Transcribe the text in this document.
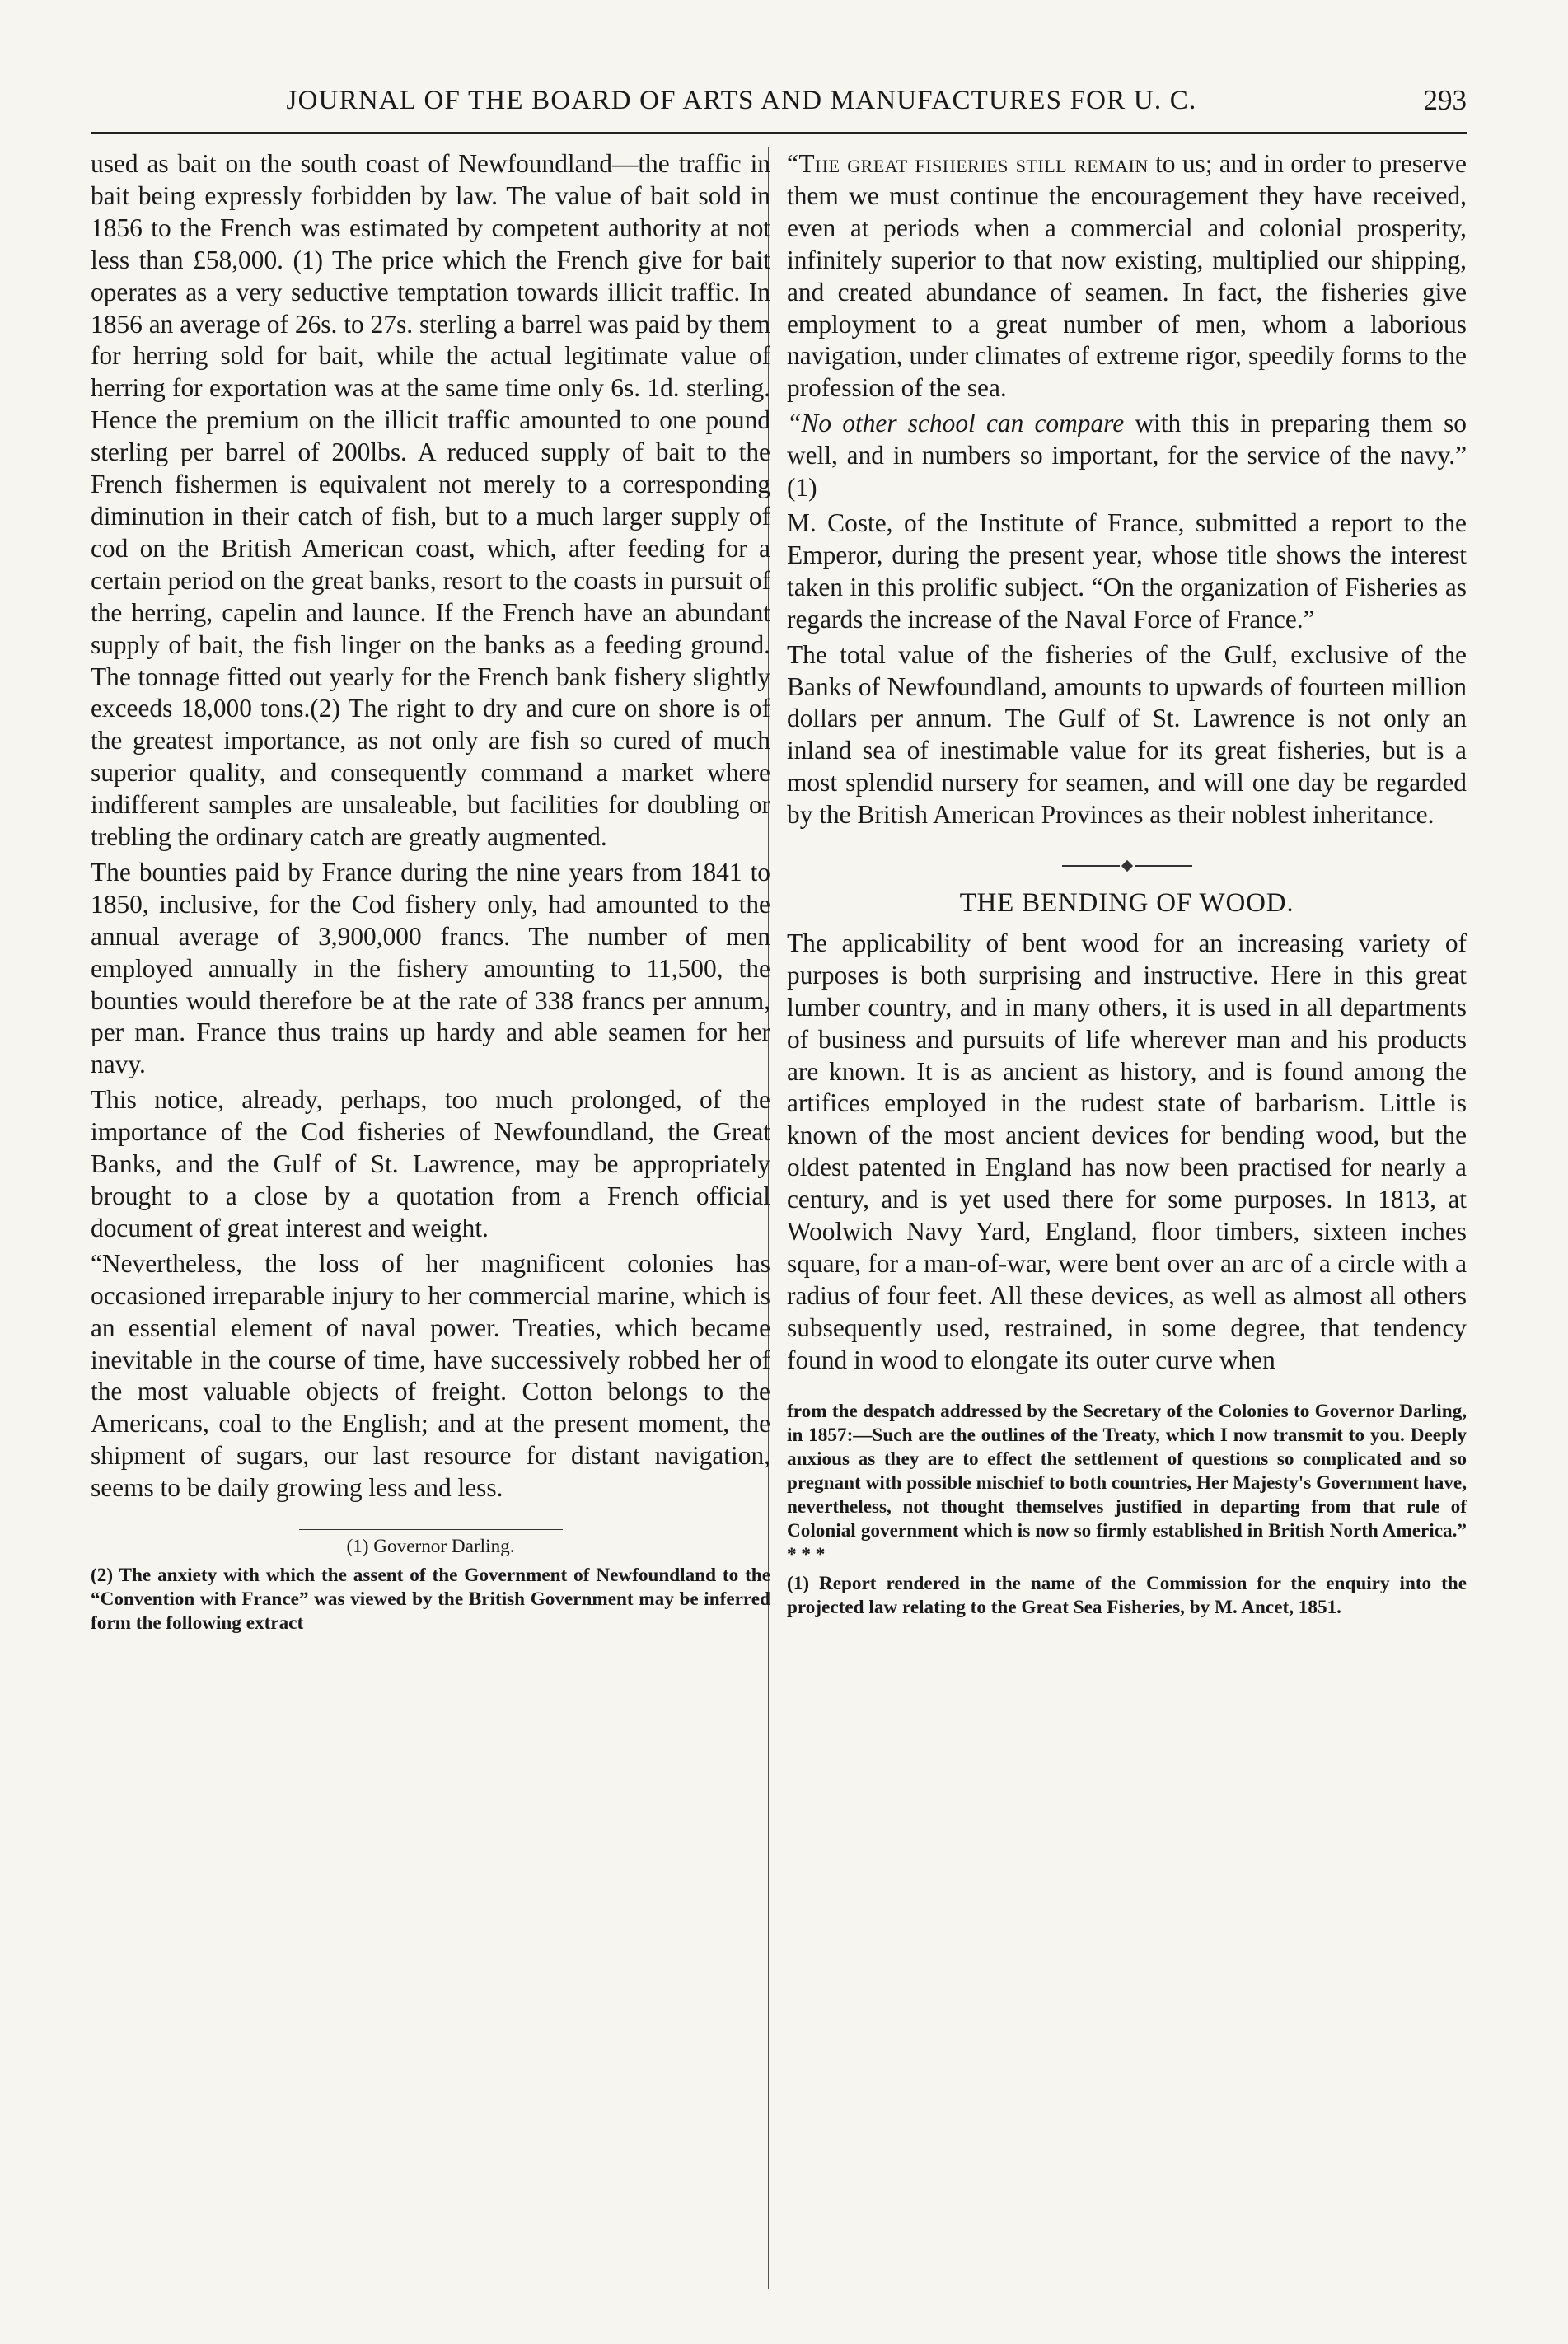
JOURNAL OF THE BOARD OF ARTS AND MANUFACTURES FOR U. C.	293

used as bait on the south coast of Newfoundland—the traffic in bait being expressly forbidden by law. The value of bait sold in 1856 to the French was estimated by competent authority at not less than £58,000. (1) The price which the French give for bait operates as a very seductive temptation towards illicit traffic. In 1856 an average of 26s. to 27s. sterling a barrel was paid by them for herring sold for bait, while the actual legitimate value of herring for exportation was at the same time only 6s. 1d. sterling. Hence the premium on the illicit traffic amounted to one pound sterling per barrel of 200lbs. A reduced supply of bait to the French fishermen is equivalent not merely to a corresponding diminution in their catch of fish, but to a much larger supply of cod on the British American coast, which, after feeding for a certain period on the great banks, resort to the coasts in pursuit of the herring, capelin and launce. If the French have an abundant supply of bait, the fish linger on the banks as a feeding ground. The tonnage fitted out yearly for the French bank fishery slightly exceeds 18,000 tons.(2) The right to dry and cure on shore is of the greatest importance, as not only are fish so cured of much superior quality, and consequently command a market where indifferent samples are unsaleable, but facilities for doubling or trebling the ordinary catch are greatly augmented.

The bounties paid by France during the nine years from 1841 to 1850, inclusive, for the Cod fishery only, had amounted to the annual average of 3,900,000 francs. The number of men employed annually in the fishery amounting to 11,500, the bounties would therefore be at the rate of 338 francs per annum, per man. France thus trains up hardy and able seamen for her navy.

This notice, already, perhaps, too much prolonged, of the importance of the Cod fisheries of Newfoundland, the Great Banks, and the Gulf of St. Lawrence, may be appropriately brought to a close by a quotation from a French official document of great interest and weight.

“Nevertheless, the loss of her magnificent colonies has occasioned irreparable injury to her commercial marine, which is an essential element of naval power. Treaties, which became inevitable in the course of time, have successively robbed her of the most valuable objects of freight. Cotton belongs to the Americans, coal to the English; and at the present moment, the shipment of sugars, our last resource for distant navigation, seems to be daily growing less and less.

(1) Governor Darling.

(2) The anxiety with which the assent of the Government of Newfoundland to the “Convention with France” was viewed by the British Government may be inferred form the following extract

“The great fisheries still remain to us; and in order to preserve them we must continue the encouragement they have received, even at periods when a commercial and colonial prosperity, infinitely superior to that now existing, multiplied our shipping, and created abundance of seamen. In fact, the fisheries give employment to a great number of men, whom a laborious navigation, under climates of extreme rigor, speedily forms to the profession of the sea.

“No other school can compare with this in preparing them so well, and in numbers so important, for the service of the navy.” (1)

M. Coste, of the Institute of France, submitted a report to the Emperor, during the present year, whose title shows the interest taken in this prolific subject. “On the organization of Fisheries as regards the increase of the Naval Force of France.”

The total value of the fisheries of the Gulf, exclusive of the Banks of Newfoundland, amounts to upwards of fourteen million dollars per annum. The Gulf of St. Lawrence is not only an inland sea of inestimable value for its great fisheries, but is a most splendid nursery for seamen, and will one day be regarded by the British American Provinces as their noblest inheritance.

THE BENDING OF WOOD.

The applicability of bent wood for an increasing variety of purposes is both surprising and instructive. Here in this great lumber country, and in many others, it is used in all departments of business and pursuits of life wherever man and his products are known. It is as ancient as history, and is found among the artifices employed in the rudest state of barbarism. Little is known of the most ancient devices for bending wood, but the oldest patented in England has now been practised for nearly a century, and is yet used there for some purposes. In 1813, at Woolwich Navy Yard, England, floor timbers, sixteen inches square, for a man-of-war, were bent over an arc of a circle with a radius of four feet. All these devices, as well as almost all others subsequently used, restrained, in some degree, that tendency found in wood to elongate its outer curve when

from the despatch addressed by the Secretary of the Colonies to Governor Darling, in 1857:—Such are the outlines of the Treaty, which I now transmit to you. Deeply anxious as they are to effect the settlement of questions so complicated and so pregnant with possible mischief to both countries, Her Majesty's Government have, nevertheless, not thought themselves justified in departing from that rule of Colonial government which is now so firmly established in British North America.” * * *

(1) Report rendered in the name of the Commission for the enquiry into the projected law relating to the Great Sea Fisheries, by M. Ancet, 1851.
